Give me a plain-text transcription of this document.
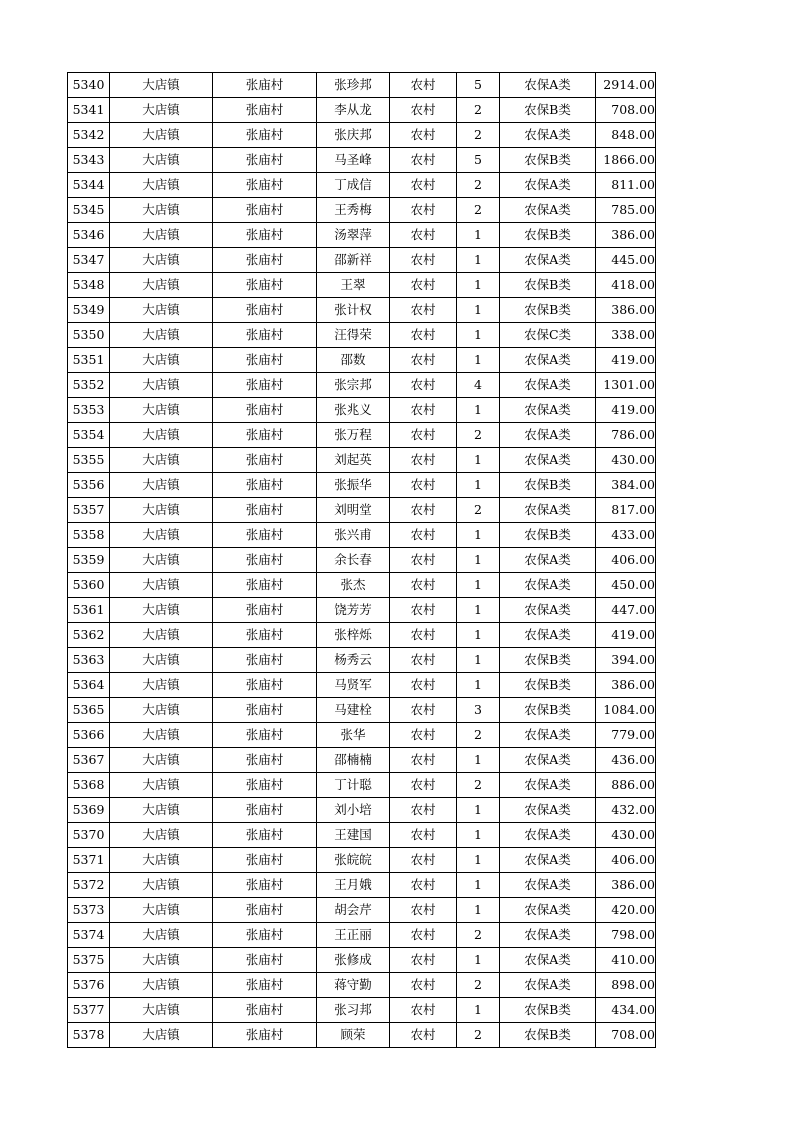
5340	大店镇	张庙村	张珍邦	农村	5	农保A类	2914.00
5341	大店镇	张庙村	李从龙	农村	2	农保B类	708.00
5342	大店镇	张庙村	张庆邦	农村	2	农保A类	848.00
5343	大店镇	张庙村	马圣峰	农村	5	农保B类	1866.00
5344	大店镇	张庙村	丁成信	农村	2	农保A类	811.00
5345	大店镇	张庙村	王秀梅	农村	2	农保A类	785.00
5346	大店镇	张庙村	汤翠萍	农村	1	农保B类	386.00
5347	大店镇	张庙村	邵新祥	农村	1	农保A类	445.00
5348	大店镇	张庙村	王翠	农村	1	农保B类	418.00
5349	大店镇	张庙村	张计权	农村	1	农保B类	386.00
5350	大店镇	张庙村	汪得荣	农村	1	农保C类	338.00
5351	大店镇	张庙村	邵数	农村	1	农保A类	419.00
5352	大店镇	张庙村	张宗邦	农村	4	农保A类	1301.00
5353	大店镇	张庙村	张兆义	农村	1	农保A类	419.00
5354	大店镇	张庙村	张万程	农村	2	农保A类	786.00
5355	大店镇	张庙村	刘起英	农村	1	农保A类	430.00
5356	大店镇	张庙村	张振华	农村	1	农保B类	384.00
5357	大店镇	张庙村	刘明堂	农村	2	农保A类	817.00
5358	大店镇	张庙村	张兴甫	农村	1	农保B类	433.00
5359	大店镇	张庙村	余长春	农村	1	农保A类	406.00
5360	大店镇	张庙村	张杰	农村	1	农保A类	450.00
5361	大店镇	张庙村	饶芳芳	农村	1	农保A类	447.00
5362	大店镇	张庙村	张梓烁	农村	1	农保A类	419.00
5363	大店镇	张庙村	杨秀云	农村	1	农保B类	394.00
5364	大店镇	张庙村	马贤军	农村	1	农保B类	386.00
5365	大店镇	张庙村	马建栓	农村	3	农保B类	1084.00
5366	大店镇	张庙村	张华	农村	2	农保A类	779.00
5367	大店镇	张庙村	邵楠楠	农村	1	农保A类	436.00
5368	大店镇	张庙村	丁计聪	农村	2	农保A类	886.00
5369	大店镇	张庙村	刘小培	农村	1	农保A类	432.00
5370	大店镇	张庙村	王建国	农村	1	农保A类	430.00
5371	大店镇	张庙村	张皖皖	农村	1	农保A类	406.00
5372	大店镇	张庙村	王月娥	农村	1	农保A类	386.00
5373	大店镇	张庙村	胡会芹	农村	1	农保A类	420.00
5374	大店镇	张庙村	王正丽	农村	2	农保A类	798.00
5375	大店镇	张庙村	张修成	农村	1	农保A类	410.00
5376	大店镇	张庙村	蒋守勤	农村	2	农保A类	898.00
5377	大店镇	张庙村	张习邦	农村	1	农保B类	434.00
5378	大店镇	张庙村	顾荣	农村	2	农保B类	708.00
